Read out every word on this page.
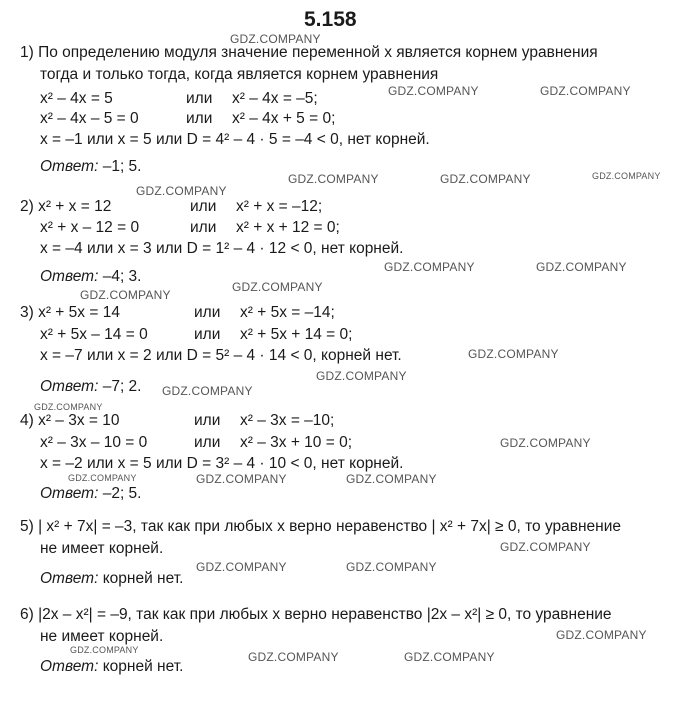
5.158
1) По определению модуля значение переменной x является корнем уравнения
тогда и только тогда, когда является корнем уравнения
x² – 4x = 5	или x² – 4x = –5;
x² – 4x – 5 = 0	или x² – 4x + 5 = 0;
x = –1 или x = 5 или D = 4² – 4 · 5 = –4 < 0, нет корней.
Ответ: –1; 5.
2) x² + x = 12	или x² + x = –12;
x² + x – 12 = 0	или x² + x + 12 = 0;
x = –4 или x = 3 или D = 1² – 4 · 12 < 0, нет корней.
Ответ: –4; 3.
3) x² + 5x = 14	или x² + 5x = –14;
x² + 5x – 14 = 0	или x² + 5x + 14 = 0;
x = –7 или x = 2 или D = 5² – 4 · 14 < 0, корней нет.
Ответ: –7; 2.
4) x² – 3x = 10	или x² – 3x = –10;
x² – 3x – 10 = 0	или x² – 3x + 10 = 0;
x = –2 или x = 5 или D = 3² – 4 · 10 < 0, нет корней.
Ответ: –2; 5.
5) | x² + 7x| = –3, так как при любых x верно неравенство | x² + 7x| ≥ 0, то уравнение
не имеет корней.
Ответ: корней нет.
6) |2x – x²| = –9, так как при любых x верно неравенство |2x – x²| ≥ 0, то уравнение
не имеет корней.
Ответ: корней нет.
GDZ.COMPANY
GDZ.COMPANY	GDZ.COMPANY
GDZ.COMPANY	GDZ.COMPANY	GDZ.COMPANY
GDZ.COMPANY
GDZ.COMPANY	GDZ.COMPANY
GDZ.COMPANY
GDZ.COMPANY
GDZ.COMPANY
GDZ.COMPANY
GDZ.COMPANY
GDZ.COMPANY
GDZ.COMPANY
GDZ.COMPANY	GDZ.COMPANY	GDZ.COMPANY
GDZ.COMPANY
GDZ.COMPANY	GDZ.COMPANY
GDZ.COMPANY
GDZ.COMPANY	GDZ.COMPANY	GDZ.COMPANY
